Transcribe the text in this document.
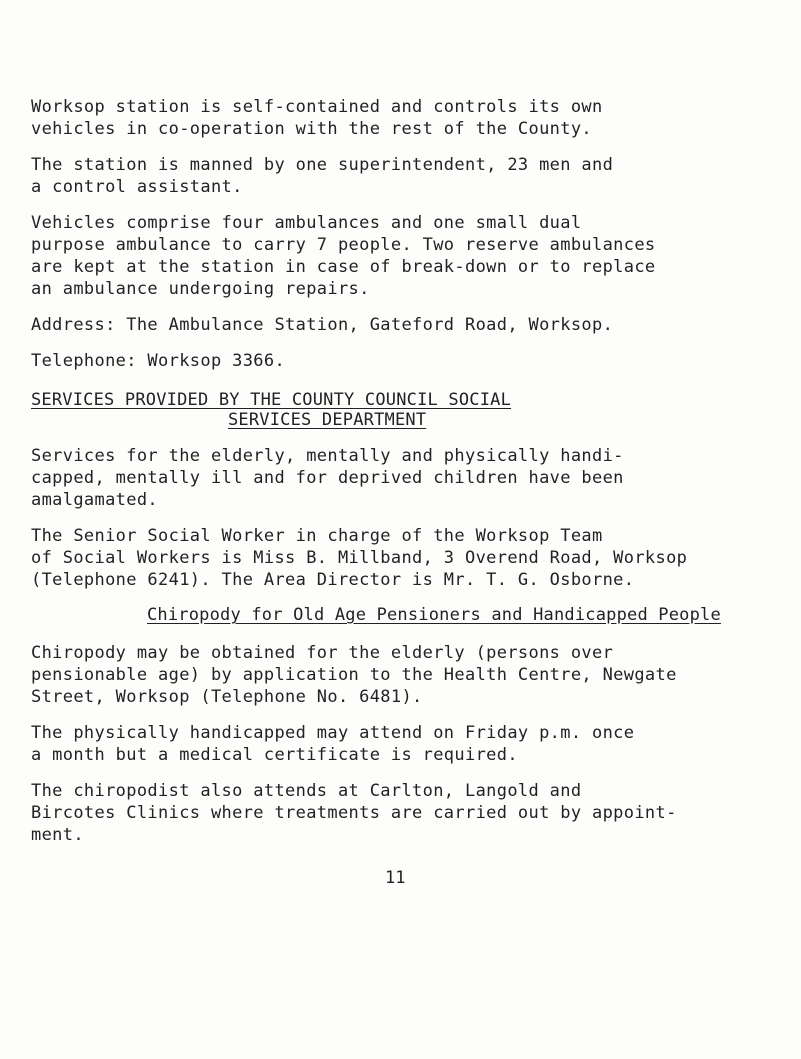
Worksop station is self-contained and controls its own
vehicles in co-operation with the rest of the County.
The station is manned by one superintendent, 23 men and
a control assistant.
Vehicles comprise four ambulances and one small dual
purpose ambulance to carry 7 people. Two reserve ambulances
are kept at the station in case of break-down or to replace
an ambulance undergoing repairs.
Address: The Ambulance Station, Gateford Road, Worksop.
Telephone: Worksop 3366.
SERVICES PROVIDED BY THE COUNTY COUNCIL SOCIAL
SERVICES DEPARTMENT
Services for the elderly, mentally and physically handi-
capped, mentally ill and for deprived children have been
amalgamated.
The Senior Social Worker in charge of the Worksop Team
of Social Workers is Miss B. Millband, 3 Overend Road, Worksop
(Telephone 6241). The Area Director is Mr. T. G. Osborne.
Chiropody for Old Age Pensioners and Handicapped People
Chiropody may be obtained for the elderly (persons over
pensionable age) by application to the Health Centre, Newgate
Street, Worksop (Telephone No. 6481).
The physically handicapped may attend on Friday p.m. once
a month but a medical certificate is required.
The chiropodist also attends at Carlton, Langold and
Bircotes Clinics where treatments are carried out by appoint-
ment.
11
